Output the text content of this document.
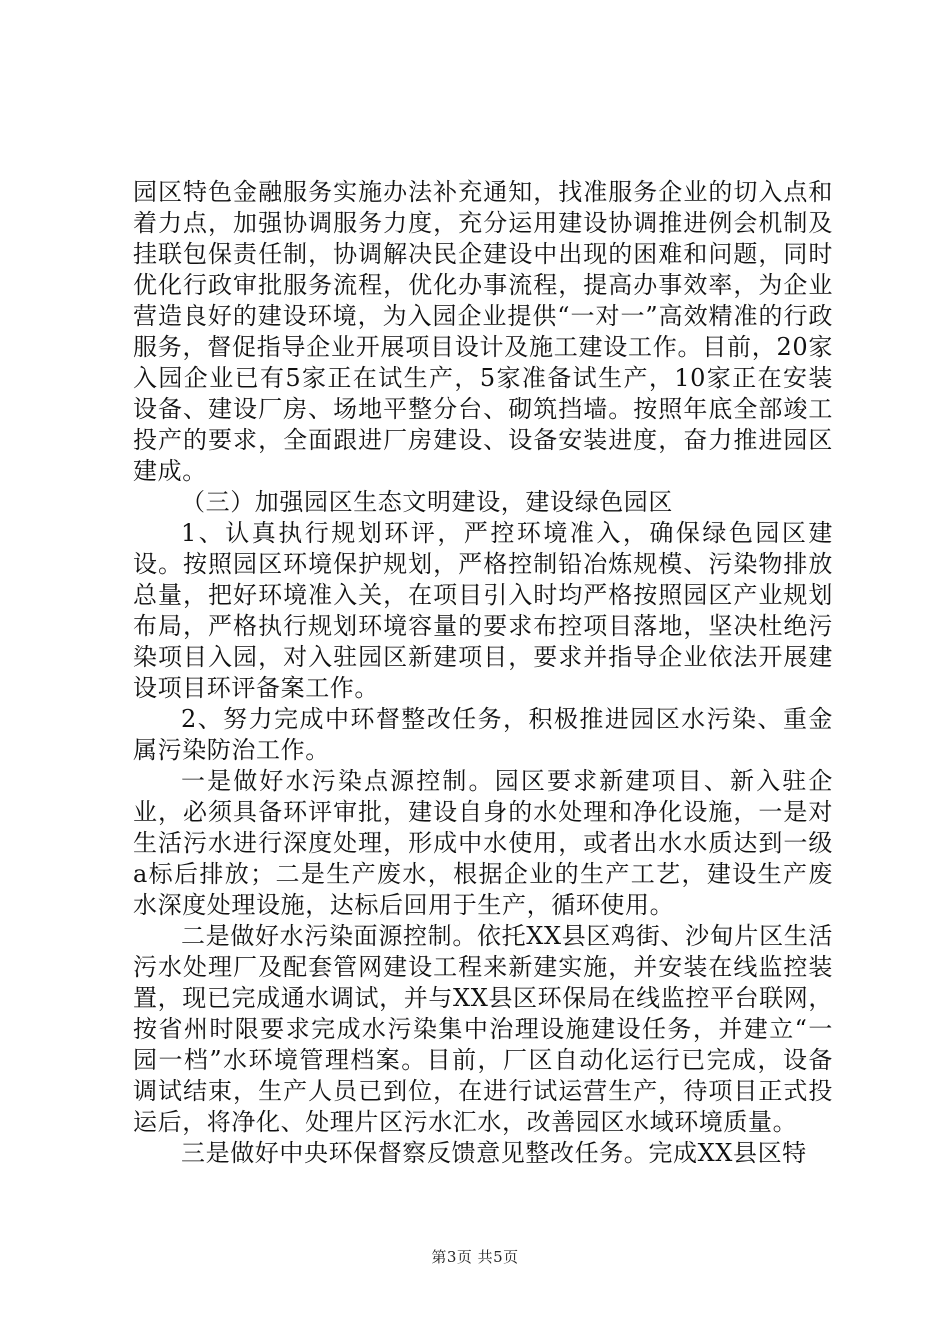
园区特色金融服务实施办法补充通知，找准服务企业的切入点和着力点，加强协调服务力度，充分运用建设协调推进例会机制及挂联包保责任制，协调解决民企建设中出现的困难和问题，同时优化行政审批服务流程，优化办事流程，提高办事效率，为企业营造良好的建设环境，为入园企业提供“一对一”高效精准的行政服务，督促指导企业开展项目设计及施工建设工作。目前，20家入园企业已有5家正在试生产，5家准备试生产，10家正在安装设备、建设厂房、场地平整分台、砌筑挡墙。按照年底全部竣工投产的要求，全面跟进厂房建设、设备安装进度，奋力推进园区建成。

（三）加强园区生态文明建设，建设绿色园区

1、认真执行规划环评，严控环境准入，确保绿色园区建设。按照园区环境保护规划，严格控制铅冶炼规模、污染物排放总量，把好环境准入关，在项目引入时均严格按照园区产业规划布局，严格执行规划环境容量的要求布控项目落地，坚决杜绝污染项目入园，对入驻园区新建项目，要求并指导企业依法开展建设项目环评备案工作。

2、努力完成中环督整改任务，积极推进园区水污染、重金属污染防治工作。

一是做好水污染点源控制。园区要求新建项目、新入驻企业，必须具备环评审批，建设自身的水处理和净化设施，一是对生活污水进行深度处理，形成中水使用，或者出水水质达到一级a标后排放；二是生产废水，根据企业的生产工艺，建设生产废水深度处理设施，达标后回用于生产，循环使用。

二是做好水污染面源控制。依托XX县区鸡街、沙甸片区生活污水处理厂及配套管网建设工程来新建实施，并安装在线监控装置，现已完成通水调试，并与XX县区环保局在线监控平台联网，按省州时限要求完成水污染集中治理设施建设任务，并建立“一园一档”水环境管理档案。目前，厂区自动化运行已完成，设备调试结束，生产人员已到位，在进行试运营生产，待项目正式投运后，将净化、处理片区污水汇水，改善园区水域环境质量。

三是做好中央环保督察反馈意见整改任务。完成XX县区特

第3页 共5页
